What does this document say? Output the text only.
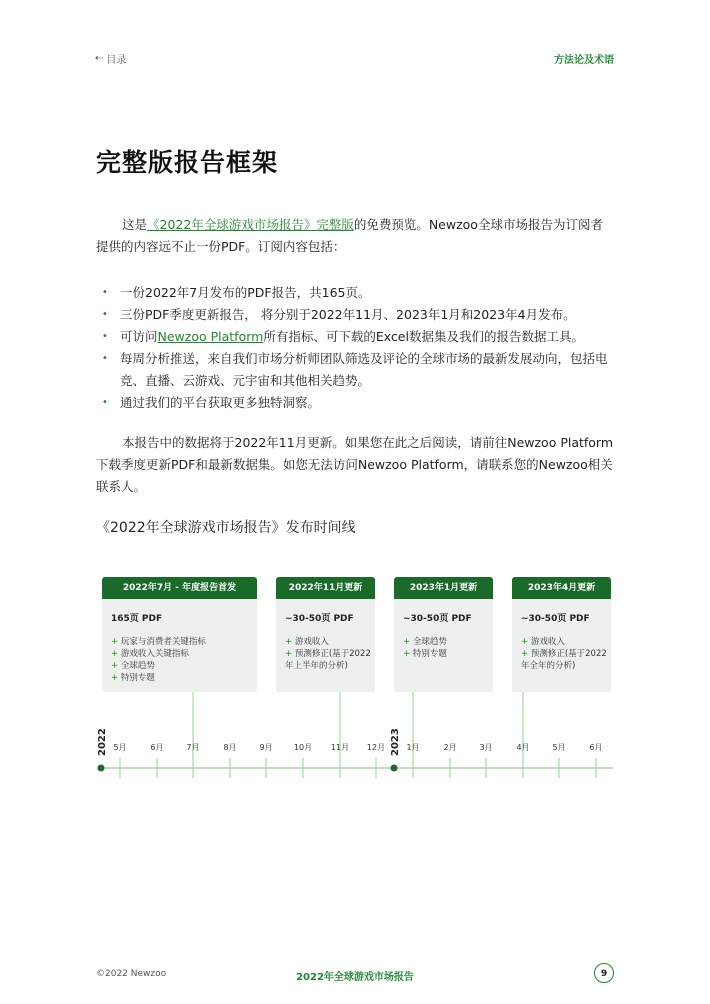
⇠ 目录	方法论及术语
完整版报告框架

这是《2022年全球游戏市场报告》完整版的免费预览。Newzoo全球市场报告为订阅者提供的内容远不止一份PDF。订阅内容包括：

• 一份2022年7月发布的PDF报告，共165页。
• 三份PDF季度更新报告， 将分别于2022年11月、2023年1月和2023年4月发布。
• 可访问Newzoo Platform所有指标、可下载的Excel数据集及我们的报告数据工具。
• 每周分析推送，来自我们市场分析师团队筛选及评论的全球市场的最新发展动向，包括电竞、直播、云游戏、元宇宙和其他相关趋势。
• 通过我们的平台获取更多独特洞察。

本报告中的数据将于2022年11月更新。如果您在此之后阅读，请前往Newzoo Platform下载季度更新PDF和最新数据集。如您无法访问Newzoo Platform，请联系您的Newzoo相关联系人。

《2022年全球游戏市场报告》发布时间线
2022年7月 - 年度报告首发
165页 PDF
+ 玩家与消费者关键指标
+ 游戏收入关键指标
+ 全球趋势
+ 特别专题
2022年11月更新
~30-50页 PDF
+ 游戏收入
+ 预测修正(基于2022年上半年的分析)
2023年1月更新
~30-50页 PDF
+ 全球趋势
+ 特别专题
2023年4月更新
~30-50页 PDF
+ 游戏收入
+ 预测修正(基于2022年全年的分析)
2022	2023
5月	6月	7月	8月	9月	10月 11月 12月	1月	2月	3月	4月	5月	6月
©2022 Newzoo	2022年全球游戏市场报告	9
